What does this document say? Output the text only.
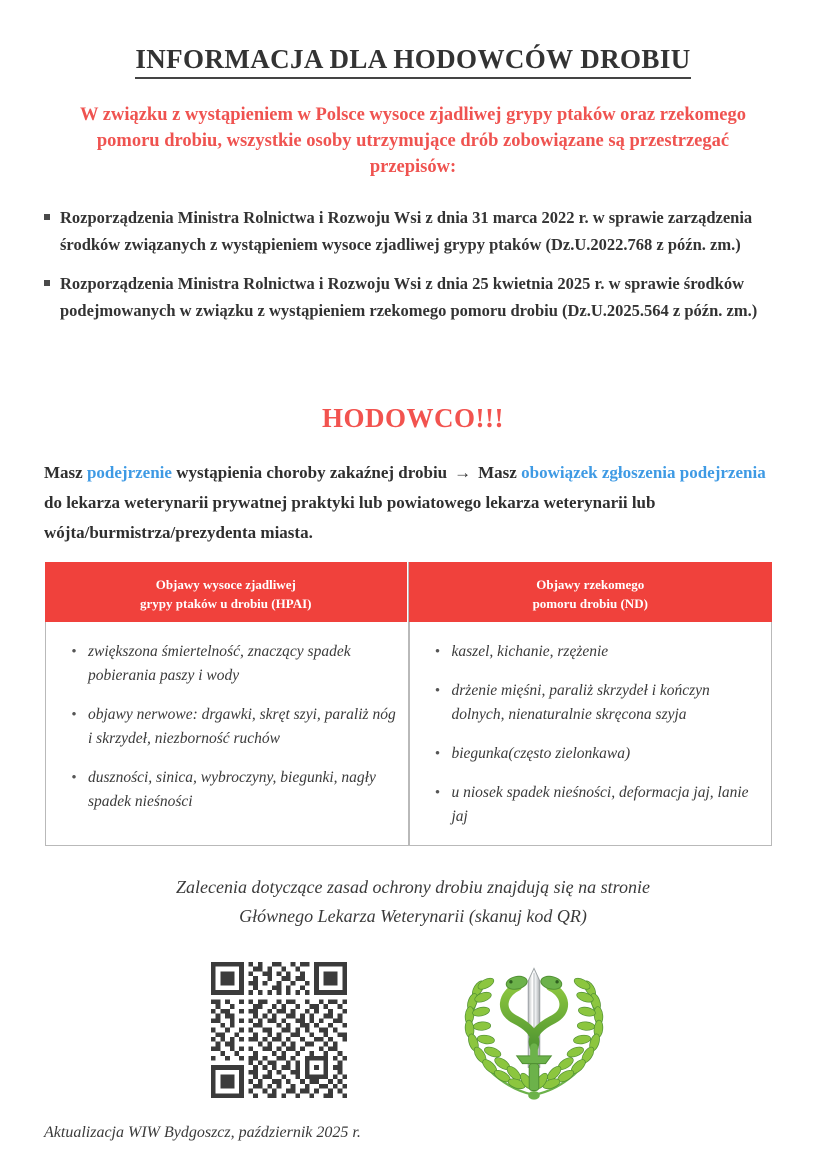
INFORMACJA DLA HODOWCÓW DROBIU
W związku z wystąpieniem w Polsce wysoce zjadliwej grypy ptaków oraz rzekomego pomoru drobiu, wszystkie osoby utrzymujące drób zobowiązane są przestrzegać przepisów:
Rozporządzenia Ministra Rolnictwa i Rozwoju Wsi z dnia 31 marca 2022 r. w sprawie zarządzenia środków związanych z wystąpieniem wysoce zjadliwej grypy ptaków (Dz.U.2022.768 z późn. zm.)
Rozporządzenia Ministra Rolnictwa i Rozwoju Wsi z dnia 25 kwietnia 2025 r. w sprawie środków podejmowanych w związku z wystąpieniem rzekomego pomoru drobiu (Dz.U.2025.564 z późn. zm.)
HODOWCO!!!
Masz podejrzenie wystąpienia choroby zakaźnej drobiu → Masz obowiązek zgłoszenia podejrzenia do lekarza weterynarii prywatnej praktyki lub powiatowego lekarza weterynarii lub wójta/burmistrza/prezydenta miasta.
Objawy wysoce zjadliwej
grypy ptaków u drobiu (HPAI)
• zwiększona śmiertelność, znaczący spadek pobierania paszy i wody
• objawy nerwowe: drgawki, skręt szyi, paraliż nóg i skrzydeł, niezborność ruchów
• duszności, sinica, wybroczyny, biegunki, nagły spadek nieśności
Objawy rzekomego
pomoru drobiu (ND)
• kaszel, kichanie, rzężenie
• drżenie mięśni, paraliż skrzydeł i kończyn dolnych, nienaturalnie skręcona szyja
• biegunka(często zielonkawa)
• u niosek spadek nieśności, deformacja jaj, lanie jaj
Zalecenia dotyczące zasad ochrony drobiu znajdują się na stronie
Głównego Lekarza Weterynarii (skanuj kod QR)
Aktualizacja WIW Bydgoszcz, październik 2025 r.
